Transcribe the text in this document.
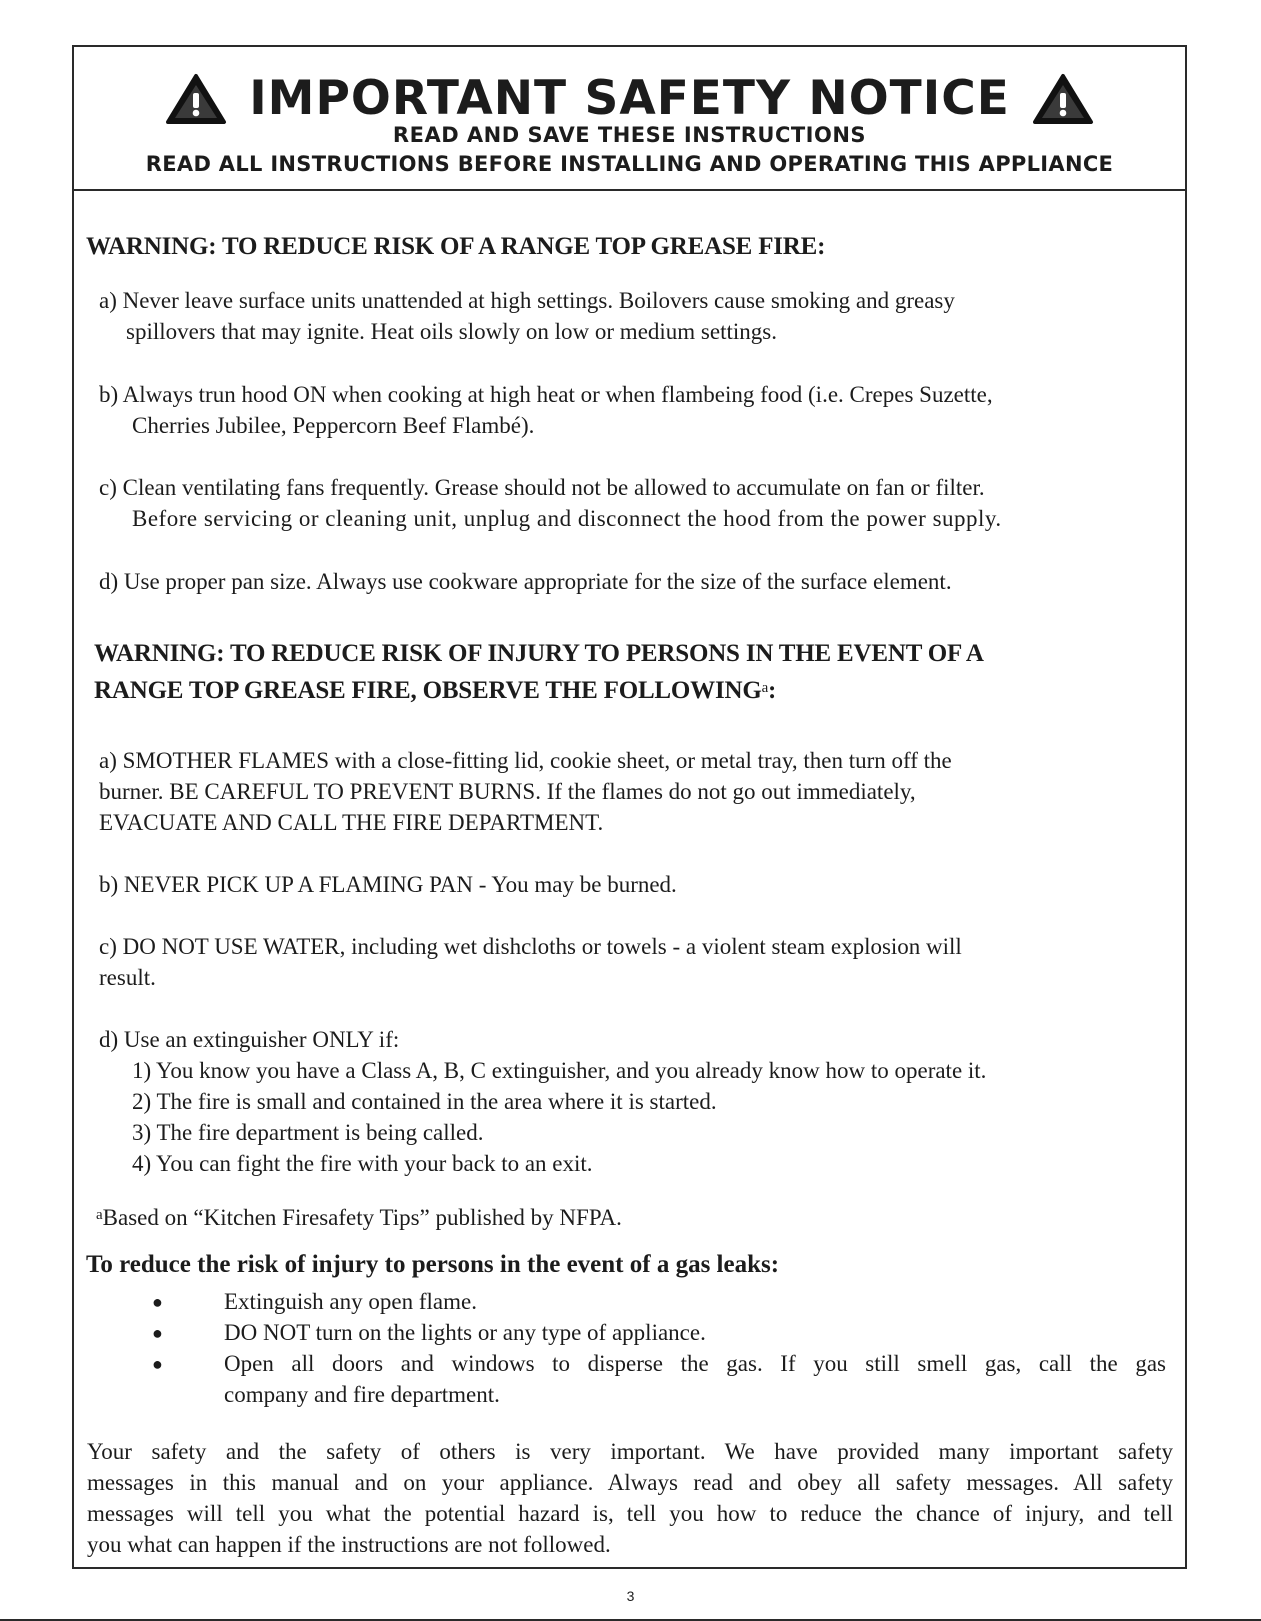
IMPORTANT SAFETY NOTICE
READ AND SAVE THESE INSTRUCTIONS
READ ALL INSTRUCTIONS BEFORE INSTALLING AND OPERATING THIS APPLIANCE
WARNING: TO REDUCE RISK OF A RANGE TOP GREASE FIRE:
a) Never leave surface units unattended at high settings. Boilovers cause smoking and greasy
spillovers that may ignite. Heat oils slowly on low or medium settings.
b) Always trun hood ON when cooking at high heat or when flambeing food (i.e. Crepes Suzette,
Cherries Jubilee, Peppercorn Beef Flambé).
c) Clean ventilating fans frequently. Grease should not be allowed to accumulate on fan or filter.
Before servicing or cleaning unit, unplug and disconnect the hood from the power supply.
d) Use proper pan size. Always use cookware appropriate for the size of the surface element.
WARNING: TO REDUCE RISK OF INJURY TO PERSONS IN THE EVENT OF A
RANGE TOP GREASE FIRE, OBSERVE THE FOLLOWING$^a$:
a) SMOTHER FLAMES with a close-fitting lid, cookie sheet, or metal tray, then turn off the
burner. BE CAREFUL TO PREVENT BURNS. If the flames do not go out immediately,
EVACUATE AND CALL THE FIRE DEPARTMENT.
b) NEVER PICK UP A FLAMING PAN - You may be burned.
c) DO NOT USE WATER, including wet dishcloths or towels - a violent steam explosion will
result.
d) Use an extinguisher ONLY if:
1) You know you have a Class A, B, C extinguisher, and you already know how to operate it.
2) The fire is small and contained in the area where it is started.
3) The fire department is being called.
4) You can fight the fire with your back to an exit.
$^a$Based on “Kitchen Firesafety Tips” published by NFPA.
To reduce the risk of injury to persons in the event of a gas leaks:
●	Extinguish any open flame.
●	DO NOT turn on the lights or any type of appliance.
●	Open all doors and windows to disperse the gas. If you still smell gas, call the gas
company and fire department.
Your safety and the safety of others is very important. We have provided many important safety
messages in this manual and on your appliance. Always read and obey all safety messages. All safety
messages will tell you what the potential hazard is, tell you how to reduce the chance of injury, and tell
you what can happen if the instructions are not followed.
3
